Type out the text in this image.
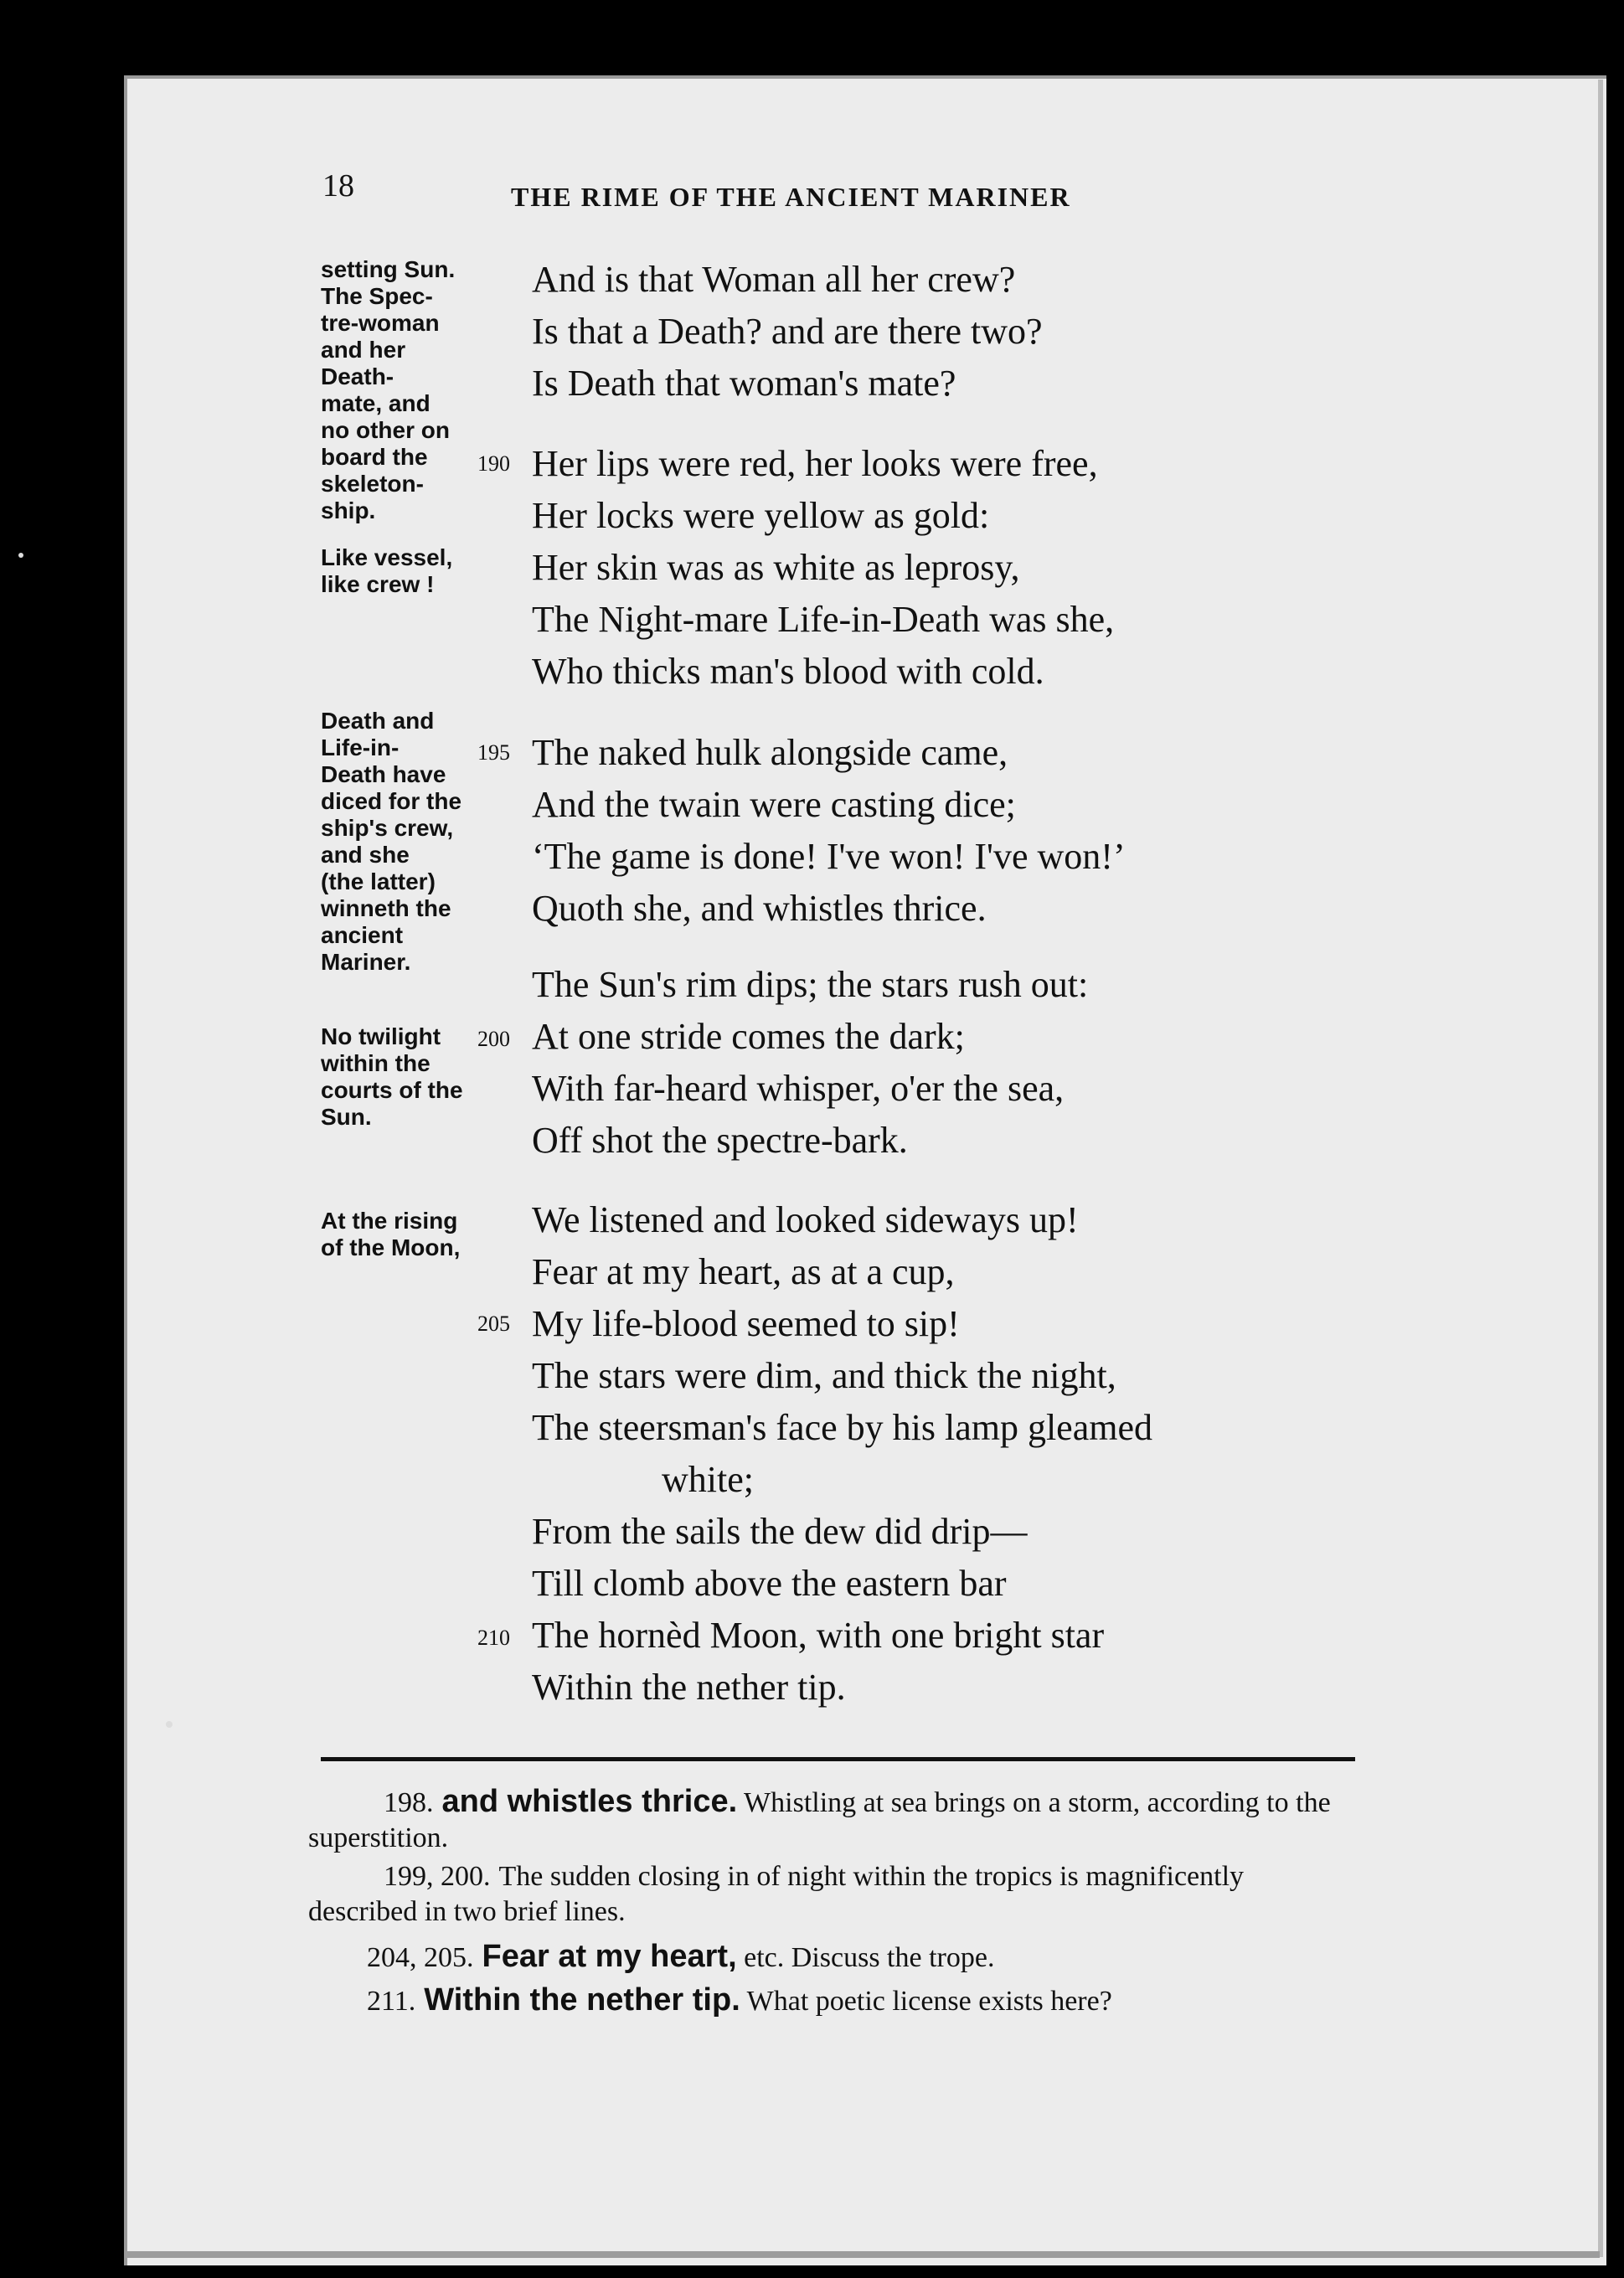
18	THE RIME OF THE ANCIENT MARINER
setting Sun.
The Spec-
tre-woman
and her
Death-
mate, and
no other on
board the
skeleton-
ship.
Like vessel,
like crew !
Death and
Life-in-
Death have
diced for the
ship's crew,
and she
(the latter)
winneth the
ancient
Mariner.
No twilight
within the
courts of the
Sun.
At the rising
of the Moon,
190
195
200
205
210
And is that Woman all her crew?
Is that a Death? and are there two?
Is Death that woman's mate?
Her lips were red, her looks were free,
Her locks were yellow as gold:
Her skin was as white as leprosy,
The Night-mare Life-in-Death was she,
Who thicks man's blood with cold.
The naked hulk alongside came,
And the twain were casting dice;
‘The game is done! I've won! I've won!’
Quoth she, and whistles thrice.
The Sun's rim dips; the stars rush out:
At one stride comes the dark;
With far-heard whisper, o'er the sea,
Off shot the spectre-bark.
We listened and looked sideways up!
Fear at my heart, as at a cup,
My life-blood seemed to sip!
The stars were dim, and thick the night,
The steersman's face by his lamp gleamed
white;
From the sails the dew did drip—
Till clomb above the eastern bar
The hornèd Moon, with one bright star
Within the nether tip.
198. and whistles thrice. Whistling at sea brings on a storm, according to the superstition.
199, 200. The sudden closing in of night within the tropics is magnificently described in two brief lines.
204, 205. Fear at my heart, etc. Discuss the trope.
211. Within the nether tip. What poetic license exists here?
